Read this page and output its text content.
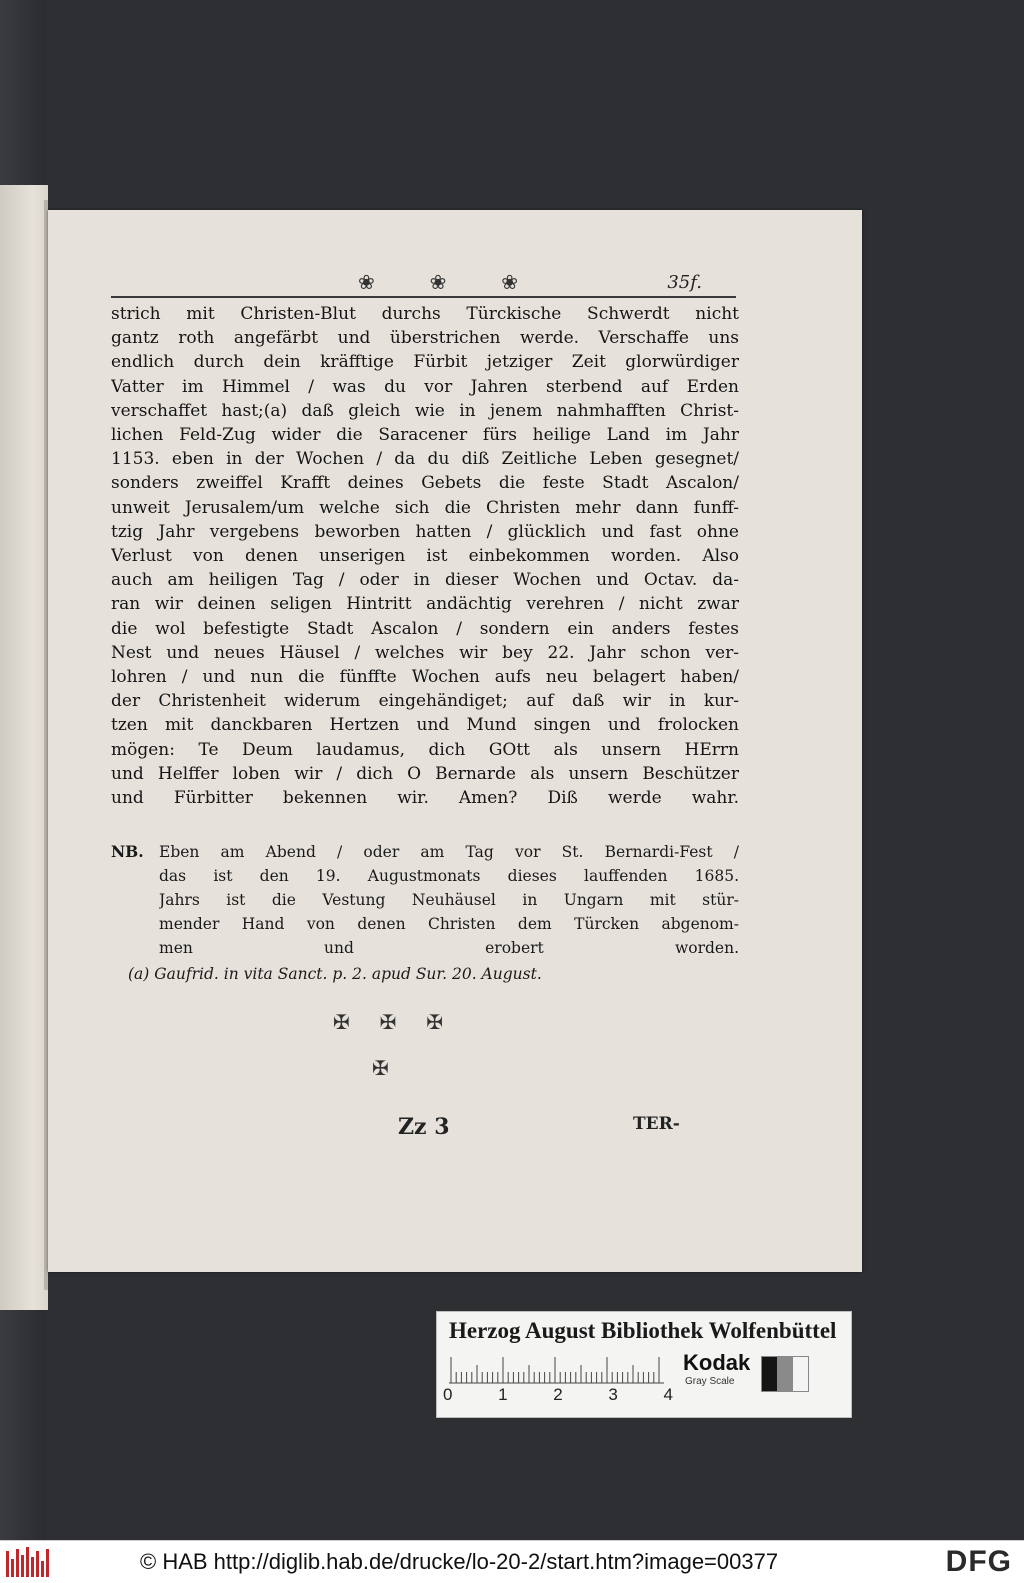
❀	❀	❀	35f.
strich mit Christen-Blut durchs Türckische Schwerdt nicht
gantz roth angefärbt und überstrichen werde. Verschaffe uns
endlich durch dein kräfftige Fürbit jetziger Zeit glorwürdiger
Vatter im Himmel / was du vor Jahren sterbend auf Erden
verschaffet hast;(a) daß gleich wie in jenem nahmhafften Christ-
lichen Feld-Zug wider die Saracener fürs heilige Land im Jahr
1153. eben in der Wochen / da du diß Zeitliche Leben gesegnet/
sonders zweiffel Krafft deines Gebets die feste Stadt Ascalon/
unweit Jerusalem/um welche sich die Christen mehr dann funff-
tzig Jahr vergebens beworben hatten / glücklich und fast ohne
Verlust von denen unserigen ist einbekommen worden. Also
auch am heiligen Tag / oder in dieser Wochen und Octav. da-
ran wir deinen seligen Hintritt andächtig verehren / nicht zwar
die wol befestigte Stadt Ascalon / sondern ein anders festes
Nest und neues Häusel / welches wir bey 22. Jahr schon ver-
lohren / und nun die fünffte Wochen aufs neu belagert haben/
der Christenheit widerum eingehändiget; auf daß wir in kur-
tzen mit danckbaren Hertzen und Mund singen und frolocken
mögen: Te Deum laudamus, dich GOtt als unsern HErrn
und Helffer loben wir / dich O Bernarde als unsern Beschützer
und Fürbitter bekennen wir. Amen? Diß werde wahr.
NB. Eben am Abend / oder am Tag vor St. Bernardi-Fest /
das ist den 19. Augustmonats dieses lauffenden 1685.
Jahrs ist die Vestung Neuhäusel in Ungarn mit stür-
mender Hand von denen Christen dem Türcken abgenom-
men und erobert worden.
(a) Gaufrid. in vita Sanct. p. 2. apud Sur. 20. August.
✠ ✠ ✠
✠
Zz 3	TER-
Herzog August Bibliothek Wolfenbüttel
0	1	2	3	4
Kodak
Gray Scale
© HAB http://diglib.hab.de/drucke/lo-20-2/start.htm?image=00377	DFG
